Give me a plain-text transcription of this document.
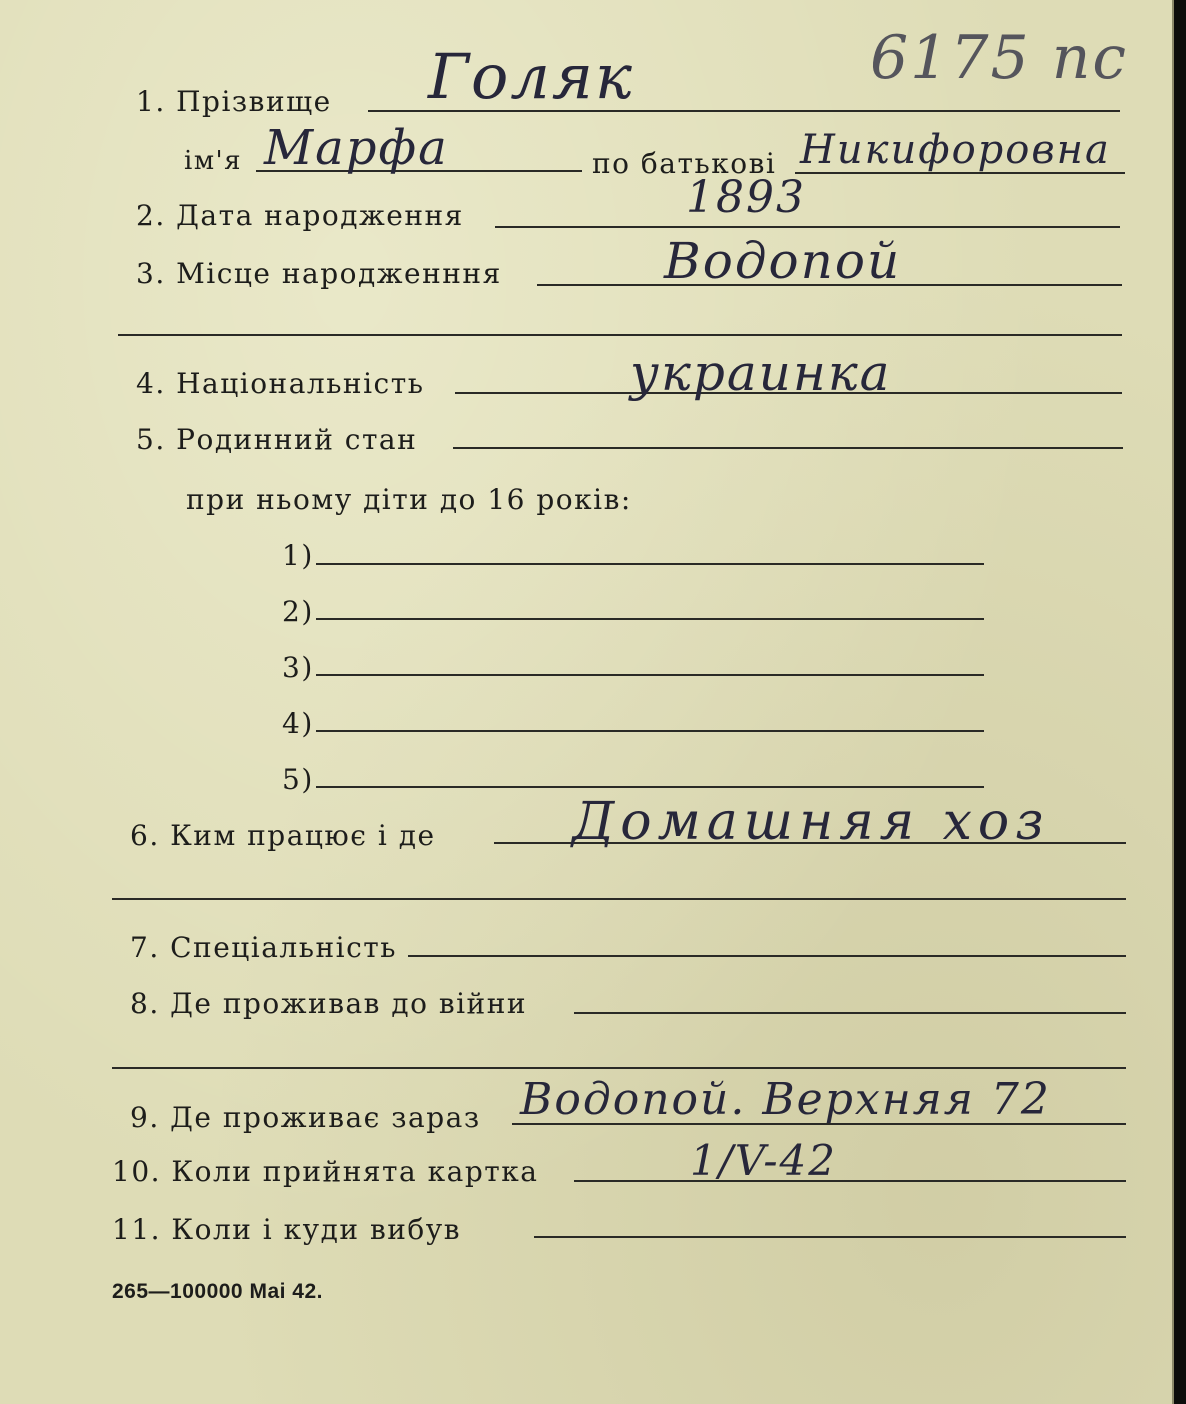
6175 пс
1. Прізвище Голяк
ім'я Марфа	по батькові Никифоровна
2. Дата народження	1893
3. Місце народженння	Водопой
4. Національність	украинка
5. Родинний стан
при ньому діти до 16 років:
1)
2)
3)
4)
5)
6. Ким працює і де	Домашняя хоз
7. Спеціальність
8. Де проживав до війни
9. Де проживає зараз Водопой. Верхняя 72
10. Коли прийнята картка	1/V-42
11. Коли і куди вибув
265—100000 Mai 42.
